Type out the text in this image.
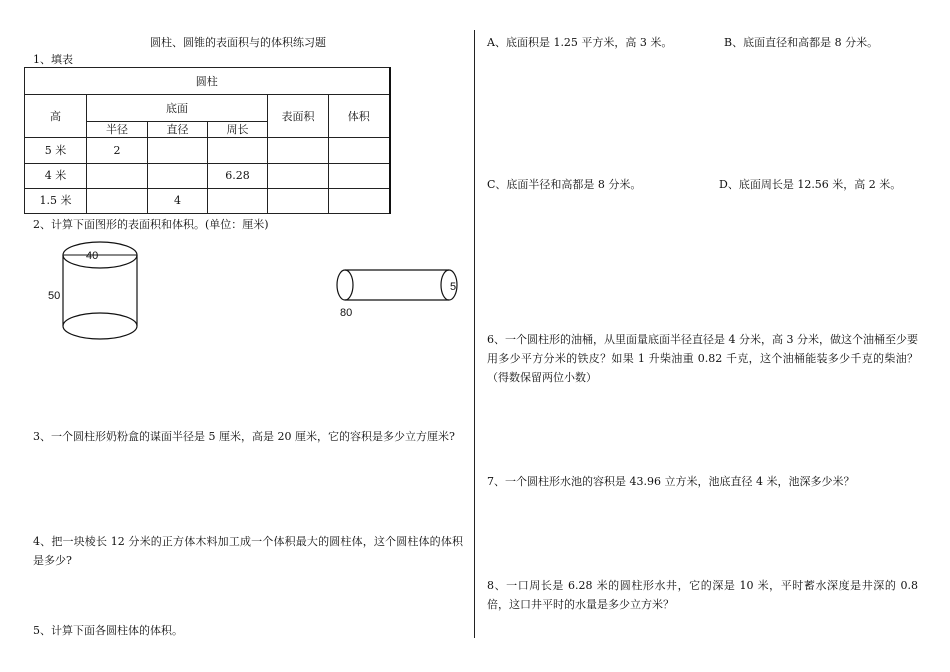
圆柱、圆锥的表面积与的体积练习题
1、填表
圆柱					
高	底面			表面积	体积
	半径	直径	周长		
5 米	2				
4 米			6.28		
1.5 米		4			
2、计算下面图形的表面积和体积。(单位：厘米)
40
50
5
80
3、一个圆柱形奶粉盒的谋面半径是 5 厘米，高是 20 厘米，它的容积是多少立方厘米?
4、把一块棱长 12 分米的正方体木料加工成一个体积最大的圆柱体，这个圆柱体的体积是多少?
5、计算下面各圆柱体的体积。
A、底面积是 1.25 平方米，高 3 米。	B、底面直径和高都是 8 分米。
C、底面半径和高都是 8 分米。	D、底面周长是 12.56 米，高 2 米。
6、一个圆柱形的油桶，从里面量底面半径直径是 4 分米，高 3 分米，做这个油桶至少要用多少平方分米的铁皮？如果 1 升柴油重 0.82 千克，这个油桶能装多少千克的柴油？（得数保留两位小数）
7、一个圆柱形水池的容积是 43.96 立方米，池底直径 4 米，池深多少米？
8、一口周长是 6.28 米的圆柱形水井，它的深是 10 米，平时蓄水深度是井深的 0.8 倍，这口井平时的水量是多少立方米？
